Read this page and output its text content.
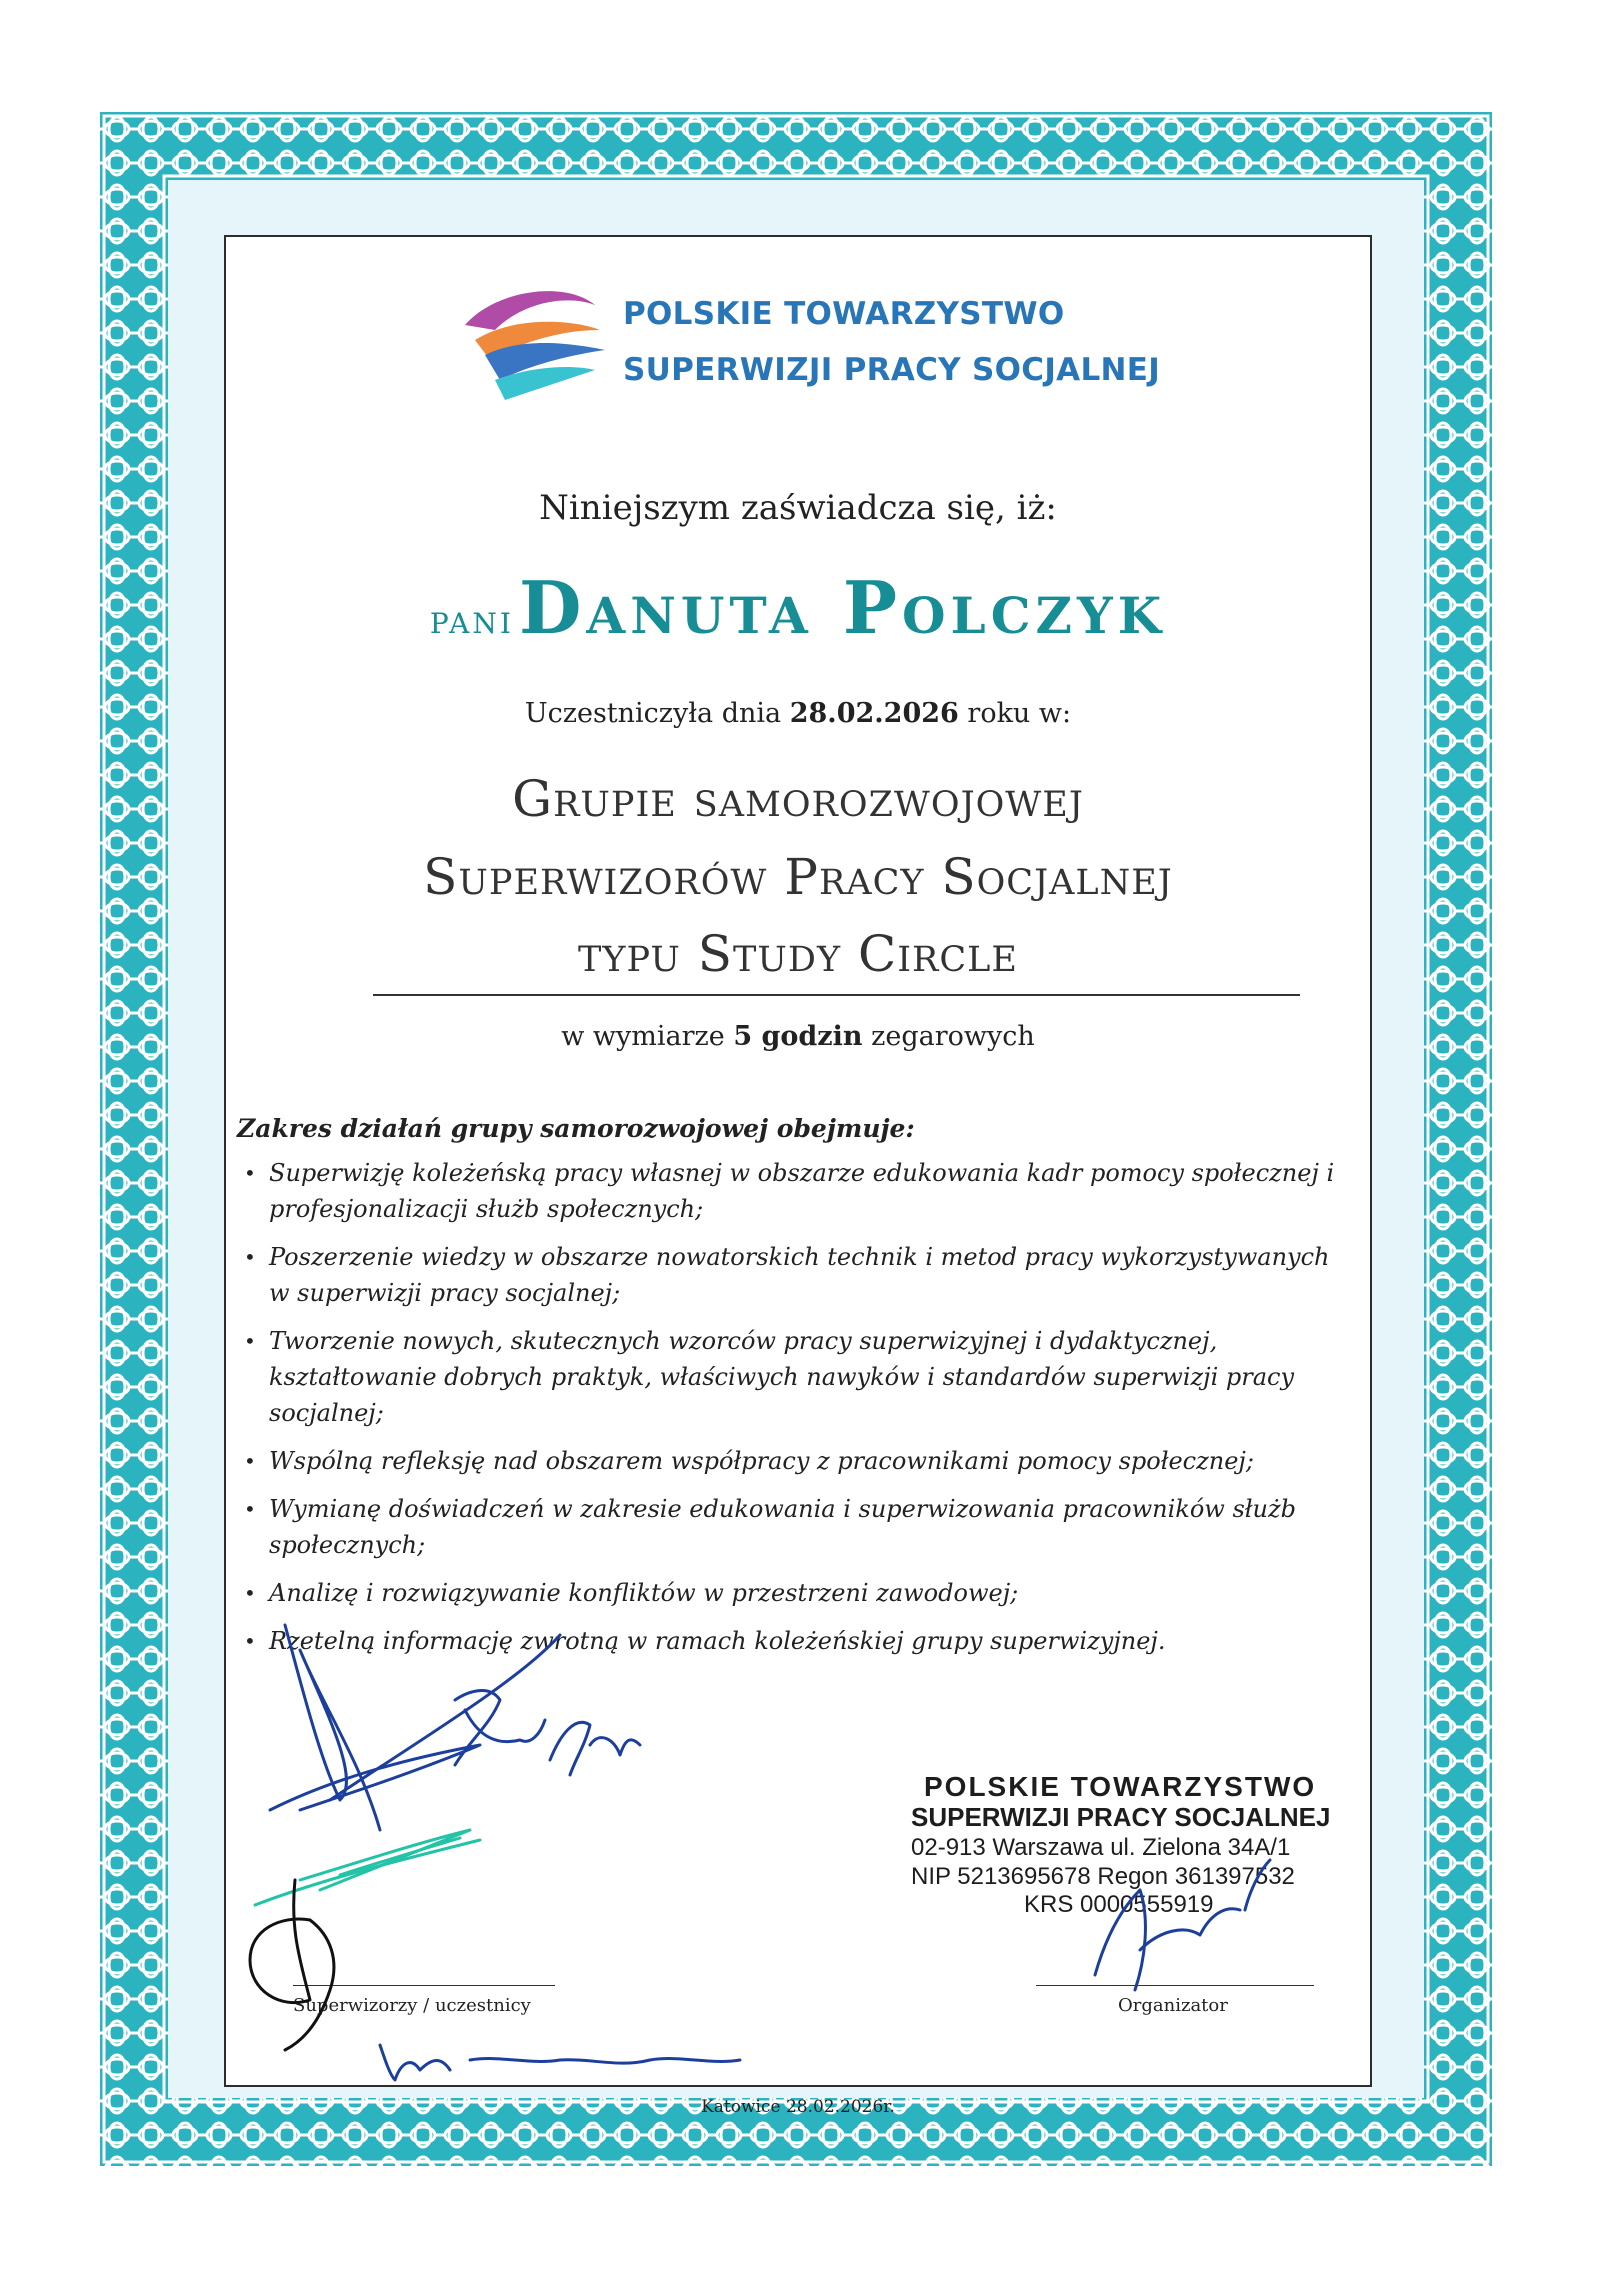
POLSKIE TOWARZYSTWO
SUPERWIZJI PRACY SOCJALNEJ
Niniejszym zaświadcza się, iż:
pani Danuta Polczyk
Uczestniczyła dnia 28.02.2026 roku w:
Grupie samorozwojowej
Superwizorów Pracy Socjalnej
typu Study Circle
w wymiarze 5 godzin zegarowych
Zakres działań grupy samorozwojowej obejmuje:
• Superwizję koleżeńską pracy własnej w obszarze edukowania kadr pomocy społecznej i profesjonalizacji służb społecznych;
• Poszerzenie wiedzy w obszarze nowatorskich technik i metod pracy wykorzystywanych w superwizji pracy socjalnej;
• Tworzenie nowych, skutecznych wzorców pracy superwizyjnej i dydaktycznej, kształtowanie dobrych praktyk, właściwych nawyków i standardów superwizji pracy socjalnej;
• Wspólną refleksję nad obszarem współpracy z pracownikami pomocy społecznej;
• Wymianę doświadczeń w zakresie edukowania i superwizowania pracowników służb społecznych;
• Analizę i rozwiązywanie konfliktów w przestrzeni zawodowej;
• Rzetelną informację zwrotną w ramach koleżeńskiej grupy superwizyjnej.
POLSKIE TOWARZYSTWO
SUPERWIZJI PRACY SOCJALNEJ
02-913 Warszawa ul. Zielona 34A/1
NIP 5213695678 Regon 361397532
KRS 0000555919
Superwizorzy / uczestnicy	Organizator
Katowice 28.02.2026r.
